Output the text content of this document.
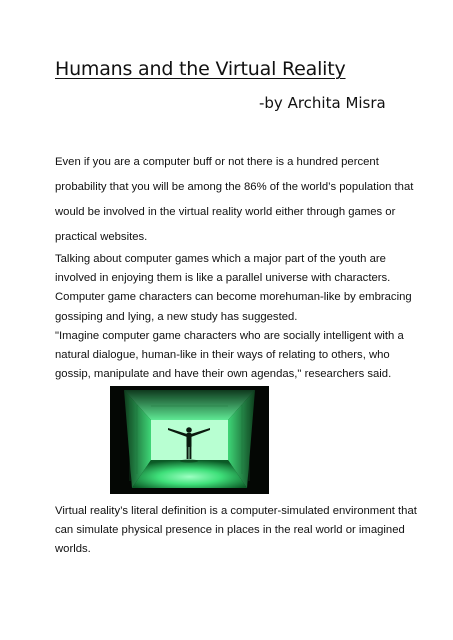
Humans and the Virtual Reality
-by Archita Misra

Even if you are a computer buff or not there is a hundred percent
probability that you will be among the 86% of the world’s population that
would be involved in the virtual reality world either through games or
practical websites.

Talking about computer games which a major part of the youth are
involved in enjoying them is like a parallel universe with characters.
Computer game characters can become morehuman-like by embracing
gossiping and lying, a new study has suggested.
"Imagine computer game characters who are socially intelligent with a
natural dialogue, human-like in their ways of relating to others, who
gossip, manipulate and have their own agendas," researchers said.

Virtual reality’s literal definition is a computer-simulated environment that
can simulate physical presence in places in the real world or imagined
worlds.
